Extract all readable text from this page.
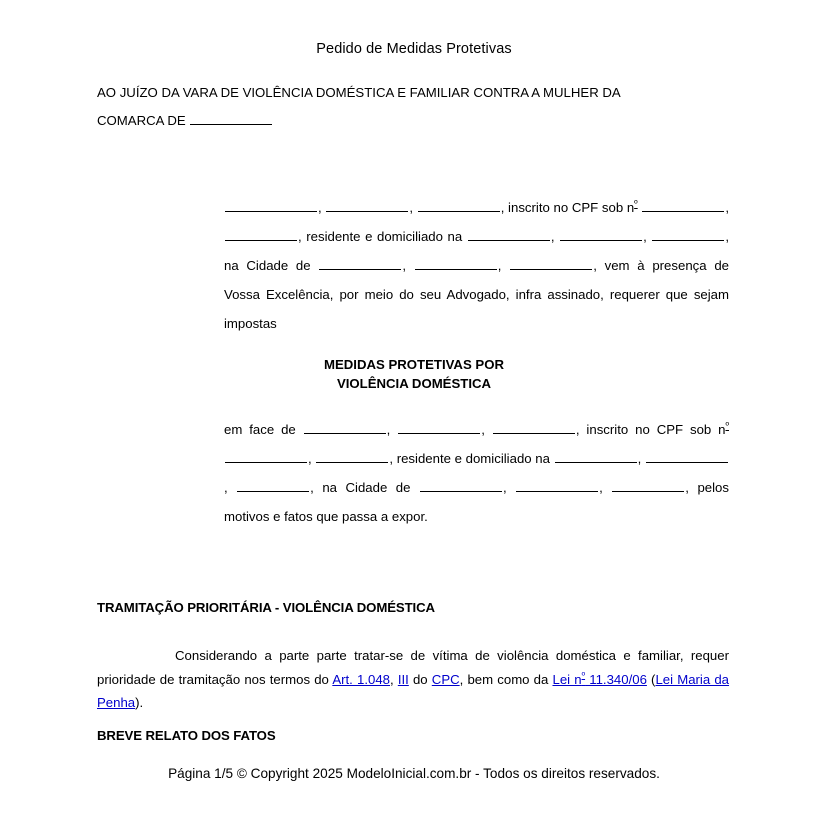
Pedido de Medidas Protetivas
AO JUÍZO DA VARA DE VIOLÊNCIA DOMÉSTICA E FAMILIAR CONTRA A MULHER DA
COMARCA DE
,	,	, inscrito no CPF sob $n^º$	, , residente e domiciliado na	,	,	, na Cidade de	,	,	, vem à presença de Vossa Excelência, por meio do seu Advogado, infra assinado, requerer que sejam impostas
MEDIDAS PROTETIVAS POR
VIOLÊNCIA DOMÉSTICA
em face de	,	,	, inscrito no CPF sob $n^º$ ,	, residente e domiciliado na	, ,	, na Cidade de	,	,	, pelos motivos e fatos que passa a expor.
TRAMITAÇÃO PRIORITÁRIA - VIOLÊNCIA DOMÉSTICA
Considerando a parte parte tratar-se de vítima de violência doméstica e familiar, requer prioridade de tramitação nos termos do Art. 1.048, III do CPC, bem como da Lei $n^º$ 11.340/06 (Lei Maria da Penha).
BREVE RELATO DOS FATOS
Página 1/5 © Copyright 2025 ModeloInicial.com.br - Todos os direitos reservados.
